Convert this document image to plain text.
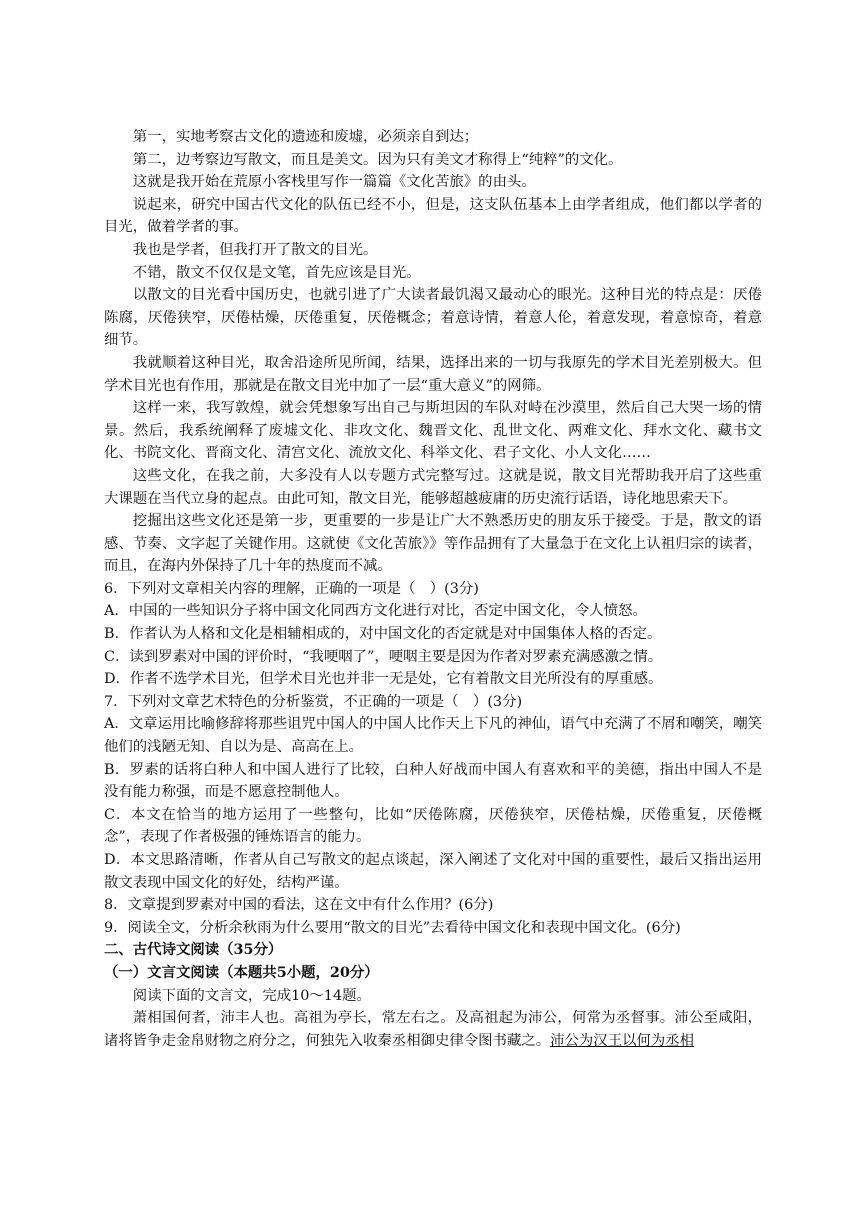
第一，实地考察古文化的遗迹和废墟，必须亲自到达；

第二，边考察边写散文，而且是美文。因为只有美文才称得上“纯粹”的文化。

这就是我开始在荒原小客栈里写作一篇篇《文化苦旅》的由头。

说起来，研究中国古代文化的队伍已经不小，但是，这支队伍基本上由学者组成，他们都以学者的目光，做着学者的事。

我也是学者，但我打开了散文的目光。

不错，散文不仅仅是文笔，首先应该是目光。

以散文的目光看中国历史，也就引进了广大读者最饥渴又最动心的眼光。这种目光的特点是：厌倦陈腐，厌倦狭窄，厌倦枯燥，厌倦重复，厌倦概念；着意诗情，着意人伦，着意发现，着意惊奇，着意细节。

我就顺着这种目光，取舍沿途所见所闻，结果，选择出来的一切与我原先的学术目光差别极大。但学术目光也有作用，那就是在散文目光中加了一层“重大意义”的网筛。

这样一来，我写敦煌，就会凭想象写出自己与斯坦因的车队对峙在沙漠里，然后自己大哭一场的情景。然后，我系统阐释了废墟文化、非攻文化、魏晋文化、乱世文化、两难文化、拜水文化、藏书文化、书院文化、晋商文化、清宫文化、流放文化、科举文化、君子文化、小人文化……

这些文化，在我之前，大多没有人以专题方式完整写过。这就是说，散文目光帮助我开启了这些重大课题在当代立身的起点。由此可知，散文目光，能够超越疲庸的历史流行话语，诗化地思索天下。

挖掘出这些文化还是第一步，更重要的一步是让广大不熟悉历史的朋友乐于接受。于是，散文的语感、节奏、文字起了关键作用。这就使《文化苦旅》》等作品拥有了大量急于在文化上认祖归宗的读者，而且，在海内外保持了几十年的热度而不减。

6．下列对文章相关内容的理解，正确的一项是（　）(3分)

A．中国的一些知识分子将中国文化同西方文化进行对比，否定中国文化，令人愤怒。

B．作者认为人格和文化是相辅相成的，对中国文化的否定就是对中国集体人格的否定。

C．读到罗素对中国的评价时，“我哽咽了”，哽咽主要是因为作者对罗素充满感激之情。

D．作者不选学术目光，但学术目光也并非一无是处，它有着散文目光所没有的厚重感。

7．下列对文章艺术特色的分析鉴赏，不正确的一项是（　）(3分)

A．文章运用比喻修辞将那些诅咒中国人的中国人比作天上下凡的神仙，语气中充满了不屑和嘲笑，嘲笑他们的浅陋无知、自以为是、高高在上。

B．罗素的话将白种人和中国人进行了比较，白种人好战而中国人有喜欢和平的美德，指出中国人不是没有能力称强，而是不愿意控制他人。

C．本文在恰当的地方运用了一些整句，比如“厌倦陈腐，厌倦狭窄，厌倦枯燥，厌倦重复，厌倦概念”，表现了作者极强的锤炼语言的能力。

D．本文思路清晰，作者从自己写散文的起点谈起，深入阐述了文化对中国的重要性，最后又指出运用散文表现中国文化的好处，结构严谨。

8．文章提到罗素对中国的看法，这在文中有什么作用？(6分)

9．阅读全文，分析余秋雨为什么要用“散文的目光”去看待中国文化和表现中国文化。(6分)

二、古代诗文阅读（35分）

（一）文言文阅读（本题共5小题，20分）

阅读下面的文言文，完成10～14题。

萧相国何者，沛丰人也。高祖为亭长，常左右之。及高祖起为沛公，何常为丞督事。沛公至咸阳，诸将皆争走金帛财物之府分之，何独先入收秦丞相御史律令图书藏之。沛公为汉王以何为丞相
